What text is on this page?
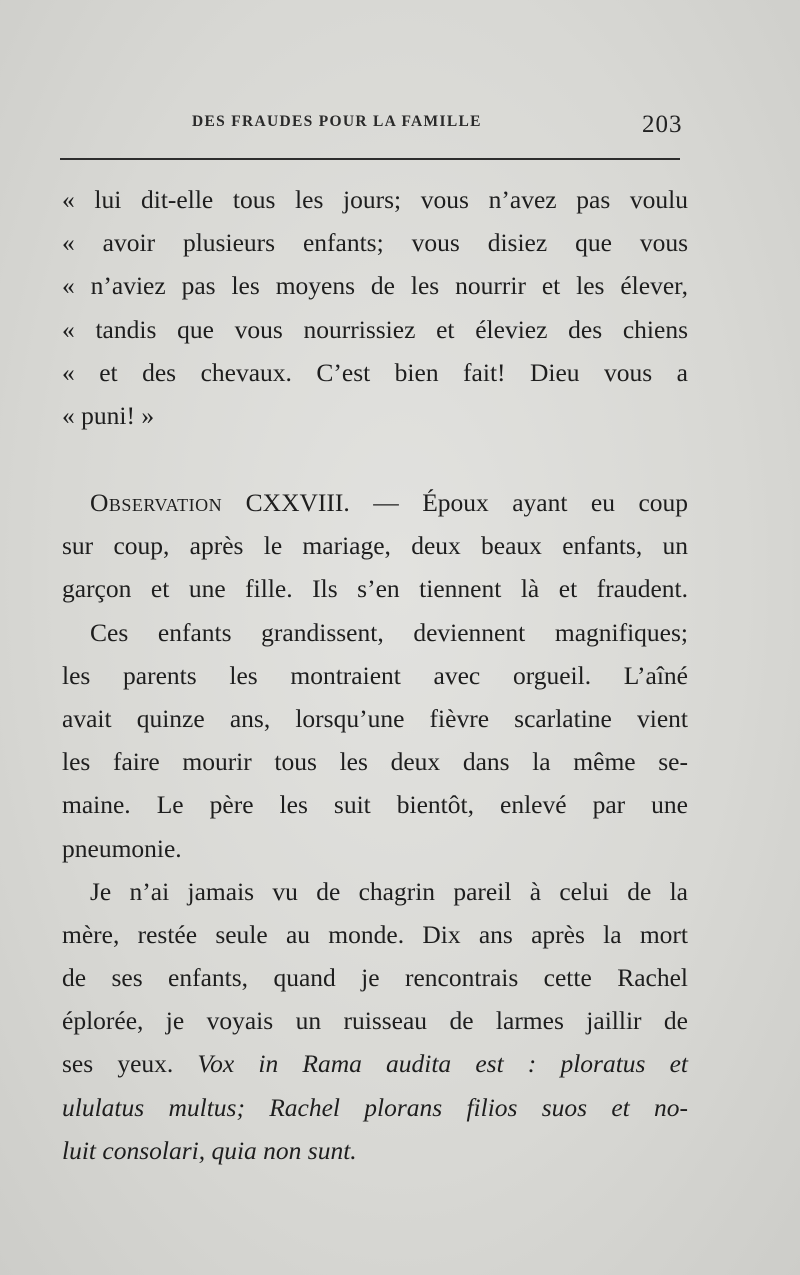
DES FRAUDES POUR LA FAMILLE	203
« lui dit-elle tous les jours; vous n’avez pas voulu
« avoir plusieurs enfants; vous disiez que vous
« n’aviez pas les moyens de les nourrir et les élever,
« tandis que vous nourrissiez et éleviez des chiens
« et des chevaux. C’est bien fait! Dieu vous a
« puni! »
Observation CXXVIII. — Époux ayant eu coup
sur coup, après le mariage, deux beaux enfants, un
garçon et une fille. Ils s’en tiennent là et fraudent.
Ces enfants grandissent, deviennent magnifiques;
les parents les montraient avec orgueil. L’aîné
avait quinze ans, lorsqu’une fièvre scarlatine vient
les faire mourir tous les deux dans la même se-
maine. Le père les suit bientôt, enlevé par une
pneumonie.
Je n’ai jamais vu de chagrin pareil à celui de la
mère, restée seule au monde. Dix ans après la mort
de ses enfants, quand je rencontrais cette Rachel
éplorée, je voyais un ruisseau de larmes jaillir de
ses yeux. Vox in Rama audita est : ploratus et
ululatus multus; Rachel plorans filios suos et no-
luit consolari, quia non sunt.
